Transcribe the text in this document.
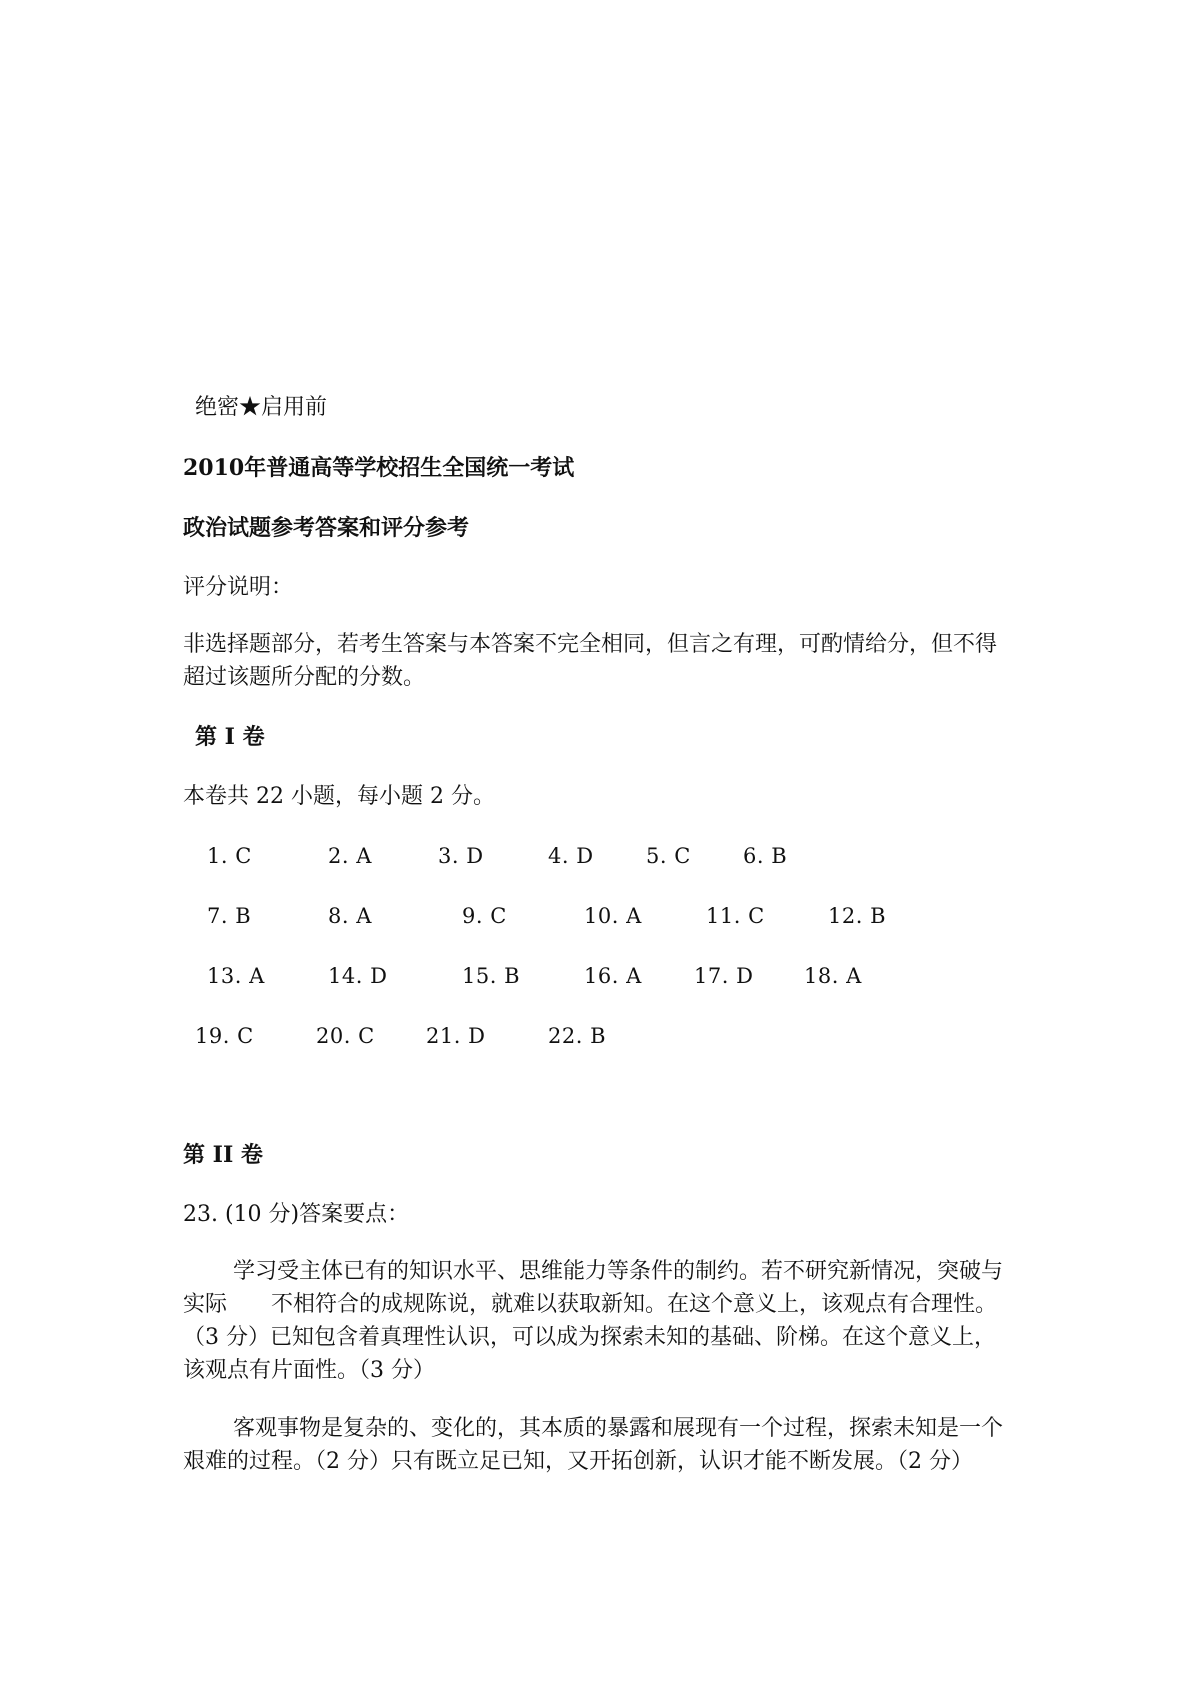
绝密★启用前
2010年普通高等学校招生全国统一考试
政治试题参考答案和评分参考
评分说明：
非选择题部分，若考生答案与本答案不完全相同，但言之有理，可酌情给分，但不得超过该题所分配的分数。
第 I 卷
本卷共 22 小题，每小题 2 分。
1. C	2. A	3. D	4. D 5. C 6. B
7. B	8. A	9. C	10. A	11. C	12. B
13. A	14. D	15. B	16. A 17. D 18. A
19. C	20. C 21. D	22. B
第 II 卷
23. (10 分)答案要点：
学习受主体已有的知识水平、思维能力等条件的制约。若不研究新情况，突破与实际　　不相符合的成规陈说，就难以获取新知。在这个意义上，该观点有合理性。（3 分）已知包含着真理性认识，可以成为探索未知的基础、阶梯。在这个意义上，该观点有片面性。（3 分）
客观事物是复杂的、变化的，其本质的暴露和展现有一个过程，探索未知是一个艰难的过程。（2 分）只有既立足已知，又开拓创新，认识才能不断发展。（2 分）
